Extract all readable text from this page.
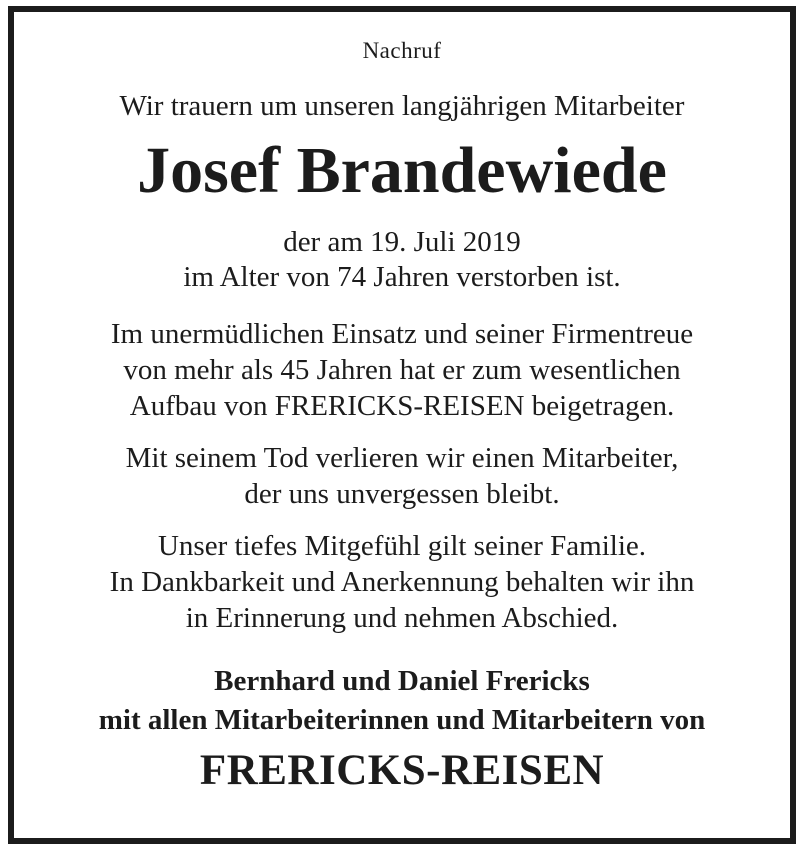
Nachruf
Wir trauern um unseren langjährigen Mitarbeiter
Josef Brandewiede
der am 19. Juli 2019
im Alter von 74 Jahren verstorben ist.
Im unermüdlichen Einsatz und seiner Firmentreue
von mehr als 45 Jahren hat er zum wesentlichen
Aufbau von FRERICKS-REISEN beigetragen.
Mit seinem Tod verlieren wir einen Mitarbeiter,
der uns unvergessen bleibt.
Unser tiefes Mitgefühl gilt seiner Familie.
In Dankbarkeit und Anerkennung behalten wir ihn
in Erinnerung und nehmen Abschied.
Bernhard und Daniel Frericks
mit allen Mitarbeiterinnen und Mitarbeitern von
FRERICKS-REISEN
